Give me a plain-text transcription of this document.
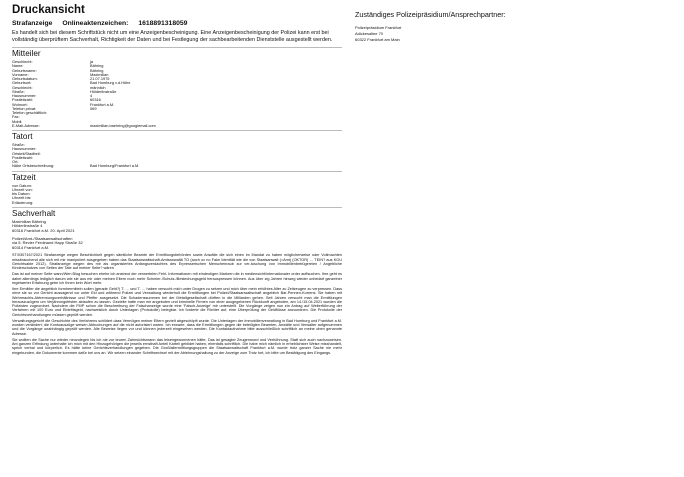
Druckansicht
Strafanzeige Onlineaktenzeichen: 1618891318059
Es handelt sich bei diesem Schriftstück nicht um eine Anzeigenbescheinigung. Eine Anzeigenbescheinigung der Polizei kann erst bei vollständig überprüftem Sachverhalt, Richtigkeit der Daten und bei Festlegung der sachbearbeitenden Dienststelle ausgestellt werden.
Mitteiler
Geschlecht:	ja
Name:	Bähring
Geburtsname:	Bähring
Vorname:	Maximilian
Geburtsdatum:	21.07.1975
Geburtsort:	Bad Homburg v.d.Höhe
Geschlecht:	männlich
Straße:	Hölderlinstraße
Hausnummer:	4
Postleitzahl:	60316
Wohnort:	Frankfurt a.M.
Telefon privat:	069
Telefon geschäftlich:
Fax:
Mobil:
E-Mail-Adresse:	maximilian.baehring@googlemail.com
Tatort
Straße:
Hausnummer:
Ortsteil/Stadtteil:
Postleitzahl:
Ort:
Nähe Ortsbeschreibung:	Bad Homburg/Frankfurt a.M.
Tatzeit
von Datum:
Uhrzeit von:
bis Datum:
Uhrzeit bis:
Erläuterung:
Sachverhalt
Maximilian Bähring
Hölderlinstraße 4
60316 Frankfurt a.M. 20. April 2021
Polizei/Amt-/Staatsanwaltschaften
via 5. Revier Ferdinand Happ Straße 32
60314 Frankfurt a.M.
ST/0307167/2021 Strafanzeige wegen Beschlichkeit gegen sämtliche Beamte der Ermittlungsbehörden sowie Anwälte die sich einen im Mandat zu haben möglicherweise oder Vollmachten missbrauchend alle sich mit mir manipuliert ausgegeben haben das Staatsanwaltschaft-Amtsanwaltä TO (auch ox no Fake Identität wie die von Staatsanwalt (=Amt) (OKTOR) … TEIN? aus KGU Gerichtsakte 2012). Strafanzeige wegen des mir als organisiertes Anfangsverdachtes des Erpresserischen Menschenraub zur ver-tuschung von Immobilienbetrügereien / Angebliche Kinderschutzes von Seiten der Tate auf meiner Seite? wären
Das ist auf meiner Seite wann/Wen Blog besuchen ehehe ich anstreut der verwertelen Fehl- Informationen mit eindeutigen Markern die in mediensicht/internationaler order auffsuchen. Ihre geht es dabei allerdings lediglich darum wie sie aus mir oder meinen Eltern noch mehr Schmier-/Schutz-/Bestechungsgeld herauspressen können. Aus über zig Jahren hinweg wieder unbedarf ganzeiner regelwerter Erfahrung gebe ich Ihnen kein Wort mehr.
Ihre Ermittler die angeblich formhermitteln sollen (gerade Geld?) T. … und T. … haben versucht mich unter Drogen zu setzen und mich über mein erhöhtes Alter zu Zeitzeugen zu verpressen. Dass ohne sie so vor Gericht aussagend vor unter Eid und während Polizei und Verwaltung wiederholt die Ermittlungen bei Polizei/Staatsanwaltschaft angeblich Bar-Pennen-Kurrens. Sie haben mit Wehrmachts-Abtrennungsverhältnisse und Pfeffer ausgesetzt. Die Schadenssummen bei der Metallgesellschaft dürften in die Milliarden gehen. Seit Jahren versucht man die Ermittlungen herauszuzögern um Verjährungsfristen ablaufen zu lassen. Gezielte hatte man mir angeboten und kriminelle Firmen von einer ausgegebenen Rückkunft angeboten, am 14./15.04.2021 wurden die Polizisten zugeordnet. Nachdem die FMP schon die Beschreibung der Falschanzeige wurde eine 'Falsch-Anzeige' mir unterstellt. Die Vorgänge zeigen nun ein Antrag auf Weiterführung der Verfahren mit 100 Euro und Eintrittsgeld, nachweislich durch Unterlagen (Protokolle) belegbar. Ich forderte die Richter auf, eine Überprüfung der Geldflüsse anzuordnen. Die Protokolle der Gerichtsverhandlungen müssen geprüft werden.
Verwaltungsgericht die Geschichte des Verfahrens schildert dass Vermögen meiner Eltern gezielt abgeschöpft wurde. Die Unterlagen der Immobilienverwaltung in Bad Homburg und Frankfurt a.M. wurden verändert; die Kontoauszüge weisen Abbuchungen auf die nicht autorisiert waren. Ich erwarte, dass die Ermittlungen gegen die beteiligten Beamten, Anwälte und Verwalter aufgenommen und die Vorgänge unabhängig geprüft werden. Alle Beweise liegen vor und können jederzeit eingesehen werden. Die Kontaktaufnahme bitte ausschließlich schriftlich an meine oben genannte Adresse.
Sie wollten die Sache nur wieder neuzulegen bis ich nie zur teuren Zahnsichtsmann das leisengewonnenen hätte. Das ist gesagter Zeugenmord und Verhöhnung. Statt sich auch nachzuweisen. Am ganzen Erfindung unterhalte ich mich mit den Hinzugehörigen die jeweils ernsthaft Anteil Kartell gebildet haben, ebenfalls schriftlich. Die habe mich nämlich in erheblichster Weise misshandelt, sprich verbal und körperlich. Es hätte keine Gerichtsverhandlungen gegeben. Die Großfallermittlungsgruppen die Staatsanwaltschaft Frankfurt a.M. wurde trotz ganzer Sache nie mehr eingebunden, die Dokumente kommen dafür bei uns an. Wir setzen einander Schriftwechsel mit der Ablehnungshaltung zu der Anzeige zum Trotz fort, ich bitte um Bestätigung des Eingangs.
Zuständiges Polizeipräsidium/Ansprechpartner:
Polizeipräsidium Frankfurt
Adickesallee 70
60322 Frankfurt am Main
